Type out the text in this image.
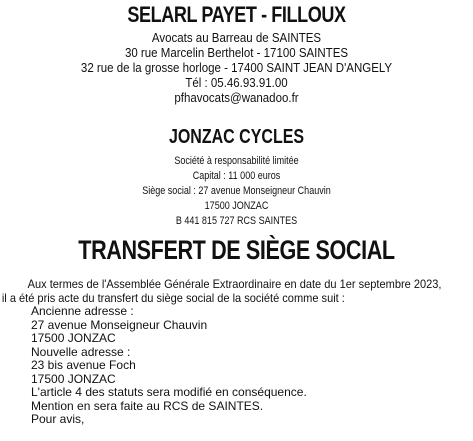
SELARL PAYET - FILLOUX
Avocats au Barreau de SAINTES
30 rue Marcelin Berthelot - 17100 SAINTES
32 rue de la grosse horloge - 17400 SAINT JEAN D'ANGELY
Tél : 05.46.93.91.00
pfhavocats@wanadoo.fr
JONZAC CYCLES
Société à responsabilité limitée
Capital : 11 000 euros
Siège social : 27 avenue Monseigneur Chauvin
17500 JONZAC
B 441 815 727 RCS SAINTES
TRANSFERT DE SIÈGE SOCIAL
Aux termes de l'Assemblée Générale Extraordinaire en date du 1er septembre 2023,
il a été pris acte du transfert du siège social de la société comme suit :
Ancienne adresse :
27 avenue Monseigneur Chauvin
17500 JONZAC
Nouvelle adresse :
23 bis avenue Foch
17500 JONZAC
L'article 4 des statuts sera modifié en conséquence.
Mention en sera faite au RCS de SAINTES.
Pour avis,
